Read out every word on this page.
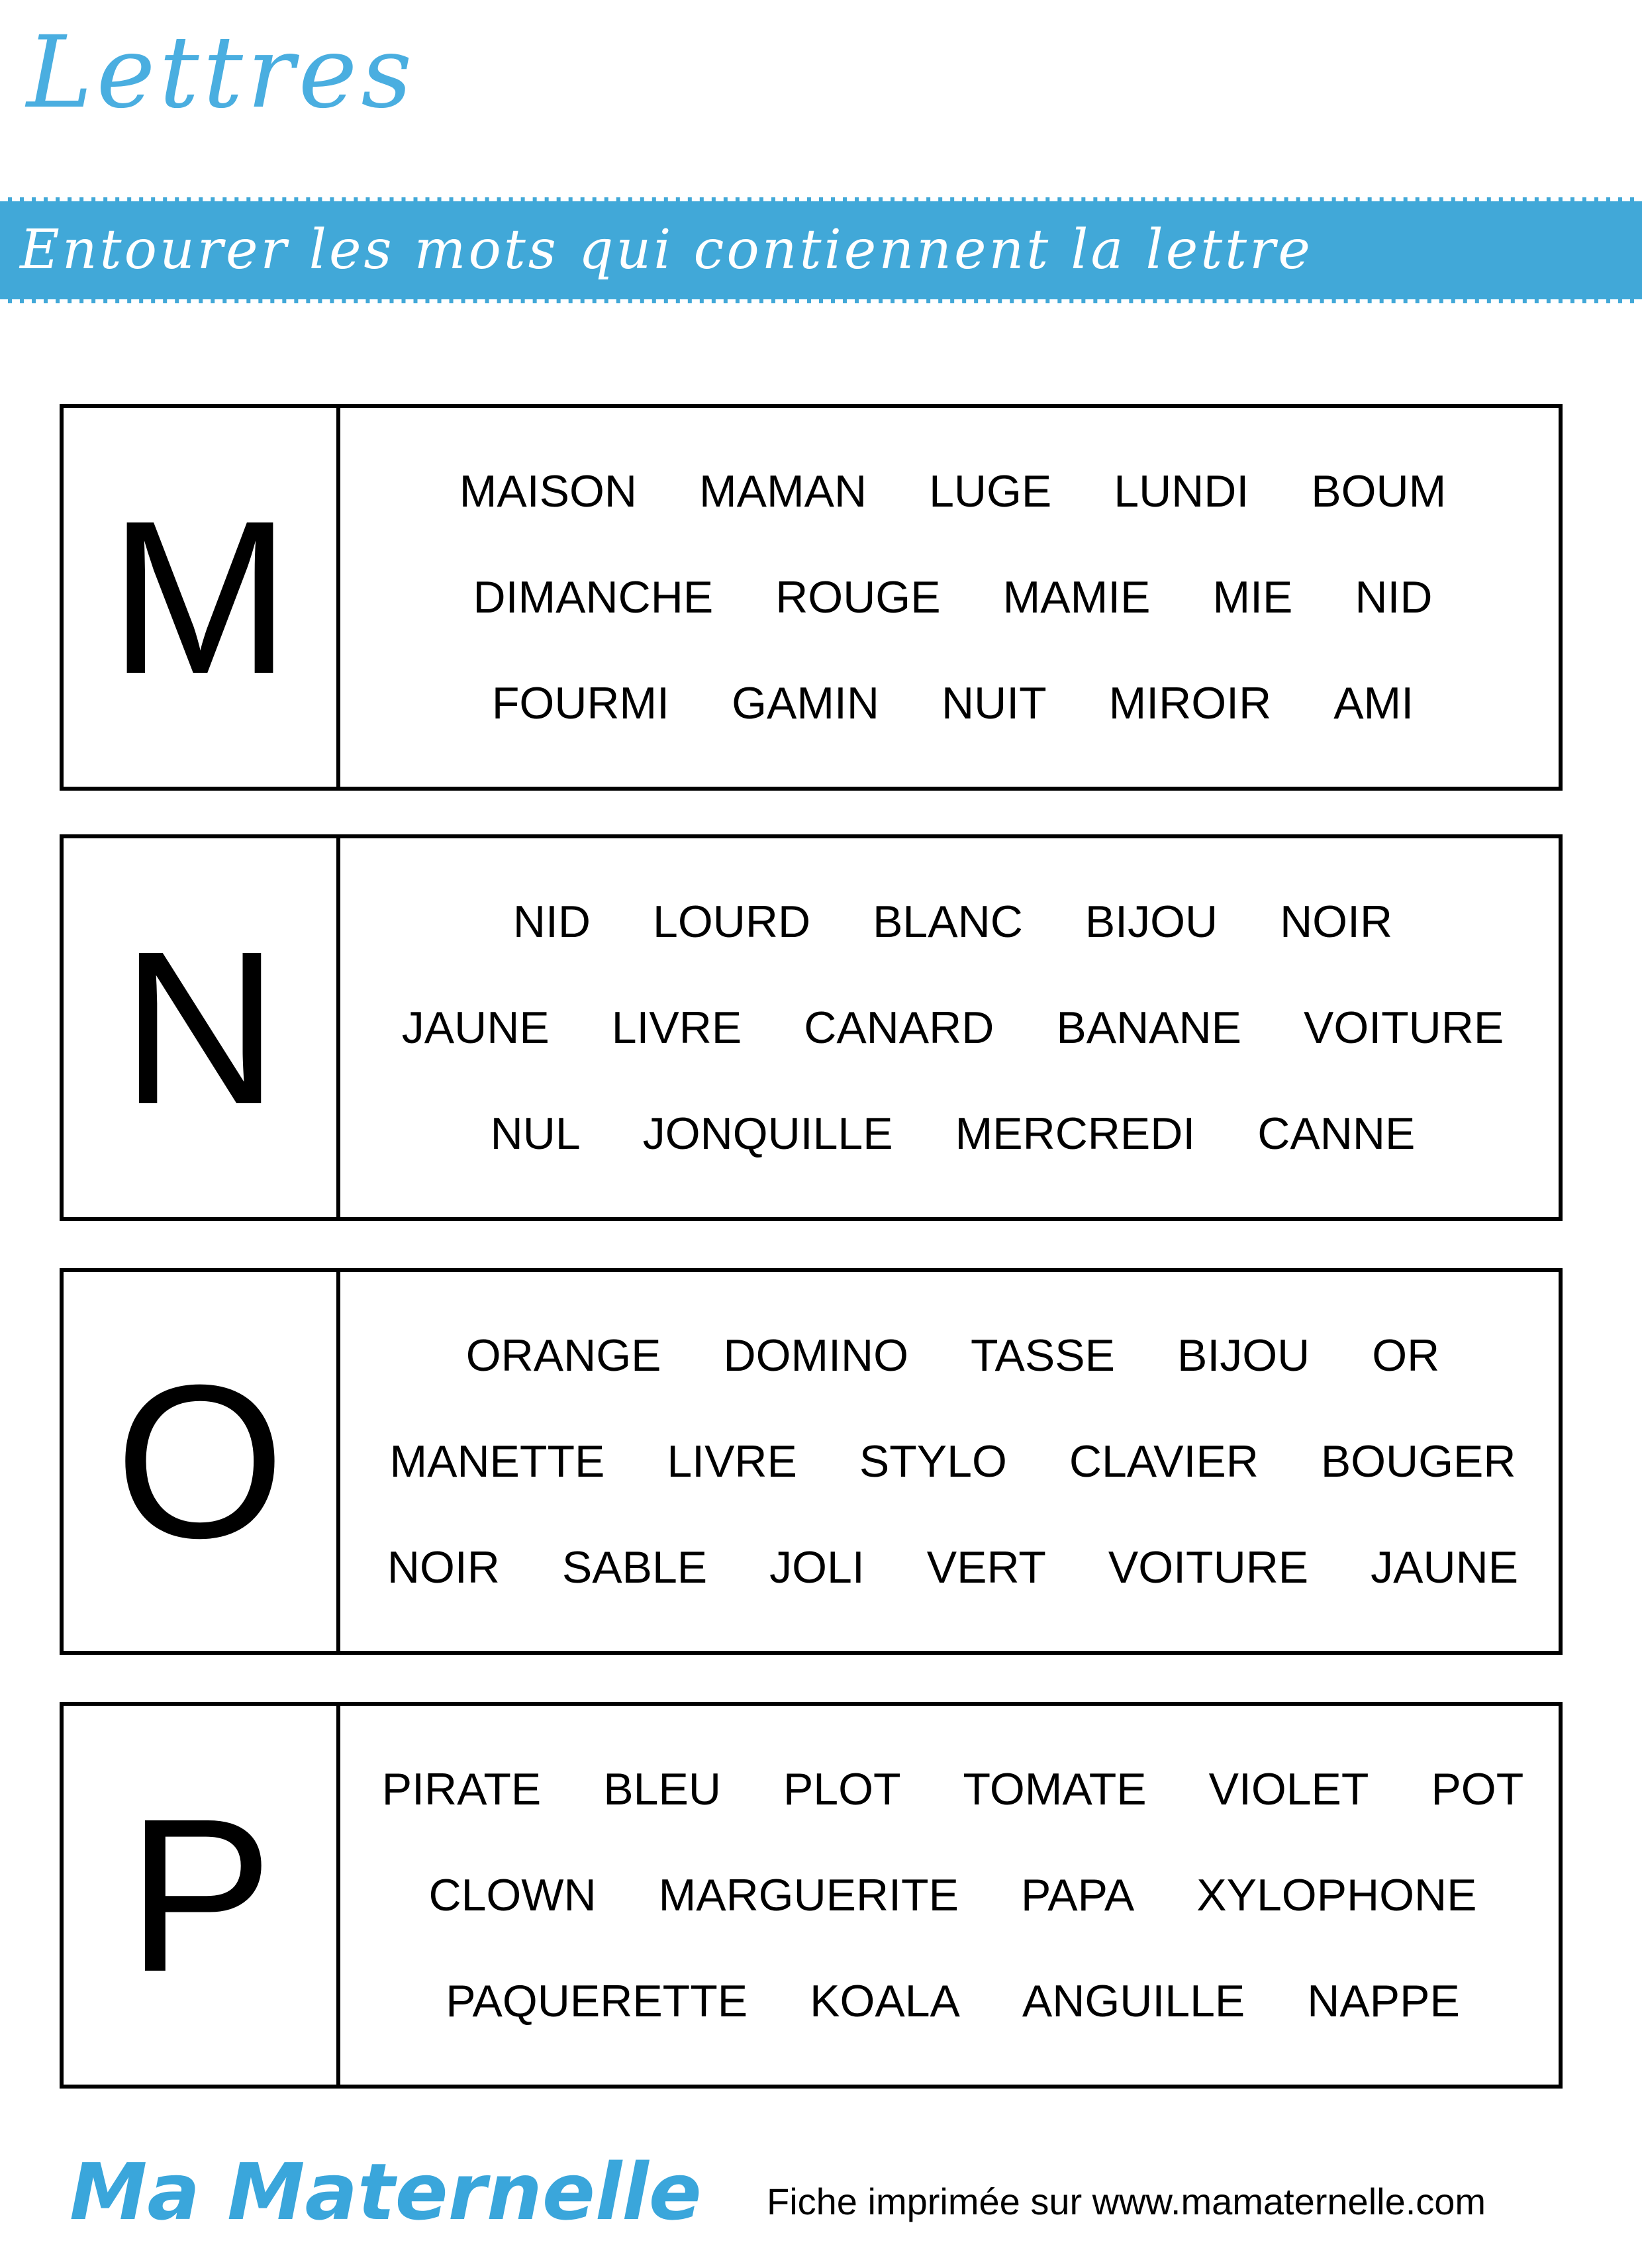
Lettres
Entourer les mots qui contiennent la lettre
M	MAISON MAMAN LUGE LUNDI BOUM
DIMANCHE ROUGE MAMIE MIE NID
FOURMI GAMIN NUIT MIROIR AMI
N	NID LOURD BLANC BIJOU NOIR
JAUNE LIVRE CANARD BANANE VOITURE
NUL JONQUILLE MERCREDI CANNE
O	ORANGE DOMINO TASSE BIJOU OR
MANETTE LIVRE STYLO CLAVIER BOUGER
NOIR SABLE JOLI VERT VOITURE JAUNE
P PIRATE BLEU PLOT TOMATE VIOLET POT
CLOWN MARGUERITE PAPA XYLOPHONE
PAQUERETTE KOALA ANGUILLE NAPPE
Ma Maternelle Fiche imprimée sur www.mamaternelle.com
